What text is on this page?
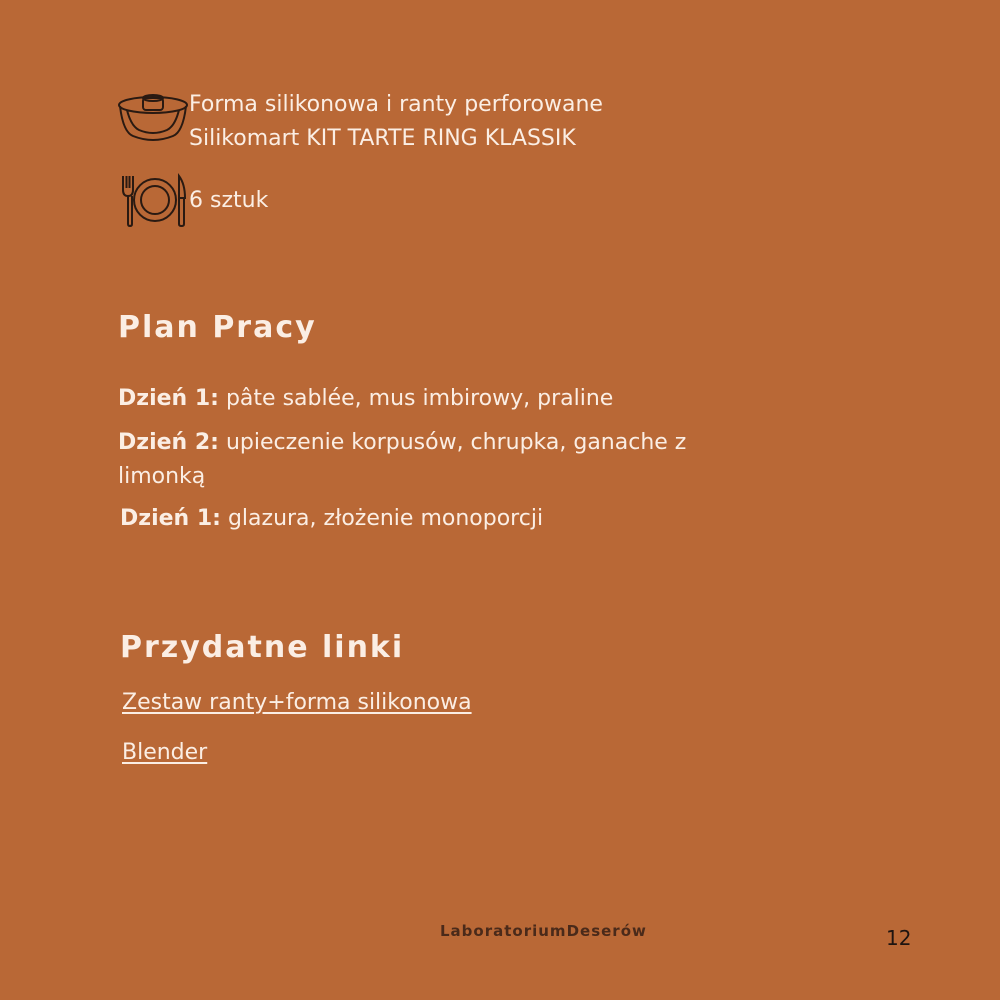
Forma silikonowa i ranty perforowane
Silikomart KIT TARTE RING KLASSIK
6 sztuk
Plan Pracy
Dzień 1: pâte sablée, mus imbirowy, praline
Dzień 2: upieczenie korpusów, chrupka, ganache z limonką
Dzień 1: glazura, złożenie monoporcji
Przydatne linki
Zestaw ranty+forma silikonowa
Blender
LaboratoriumDeserów	12
